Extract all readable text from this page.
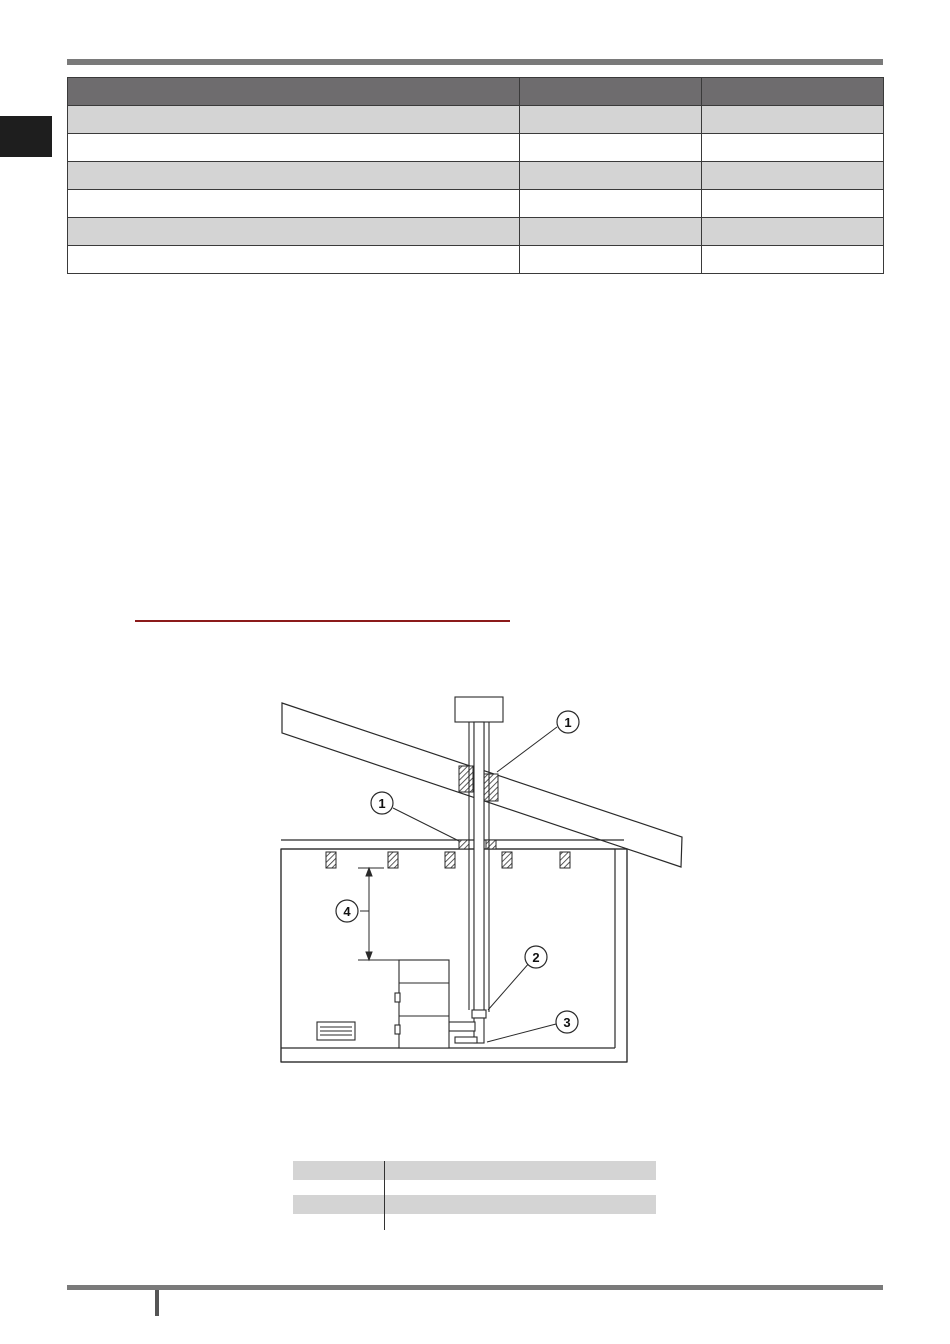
1
1
2
3
4
